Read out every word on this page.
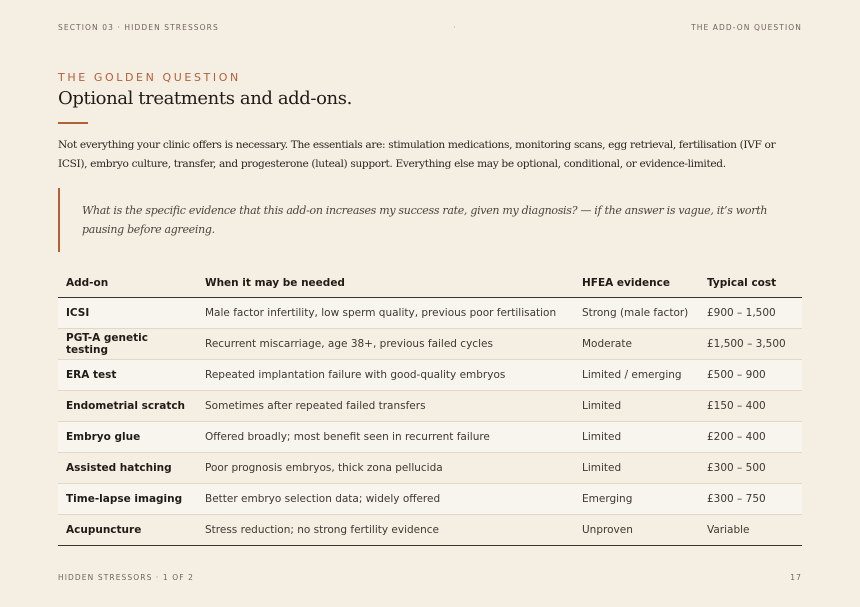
SECTION 03 · HIDDEN STRESSORS	·	THE ADD-ON QUESTION
THE GOLDEN QUESTION
Optional treatments and add-ons.

Not everything your clinic offers is necessary. The essentials are: stimulation medications, monitoring scans, egg retrieval, fertilisation (IVF or ICSI), embryo culture, transfer, and progesterone (luteal) support. Everything else may be optional, conditional, or evidence-limited.

What is the specific evidence that this add-on increases my success rate, given my diagnosis? — if the answer is vague, it’s worth pausing before agreeing.

Add-on	When it may be needed	HFEA evidence	Typical cost
ICSI	Male factor infertility, low sperm quality, previous poor fertilisation	Strong (male factor)	£900 – 1,500
PGT-A genetic testing	Recurrent miscarriage, age 38+, previous failed cycles	Moderate	£1,500 – 3,500
ERA test	Repeated implantation failure with good-quality embryos	Limited / emerging	£500 – 900
Endometrial scratch	Sometimes after repeated failed transfers	Limited	£150 – 400
Embryo glue	Offered broadly; most benefit seen in recurrent failure	Limited	£200 – 400
Assisted hatching	Poor prognosis embryos, thick zona pellucida	Limited	£300 – 500
Time-lapse imaging	Better embryo selection data; widely offered	Emerging	£300 – 750
Acupuncture	Stress reduction; no strong fertility evidence	Unproven	Variable
HIDDEN STRESSORS · 1 OF 2	17
